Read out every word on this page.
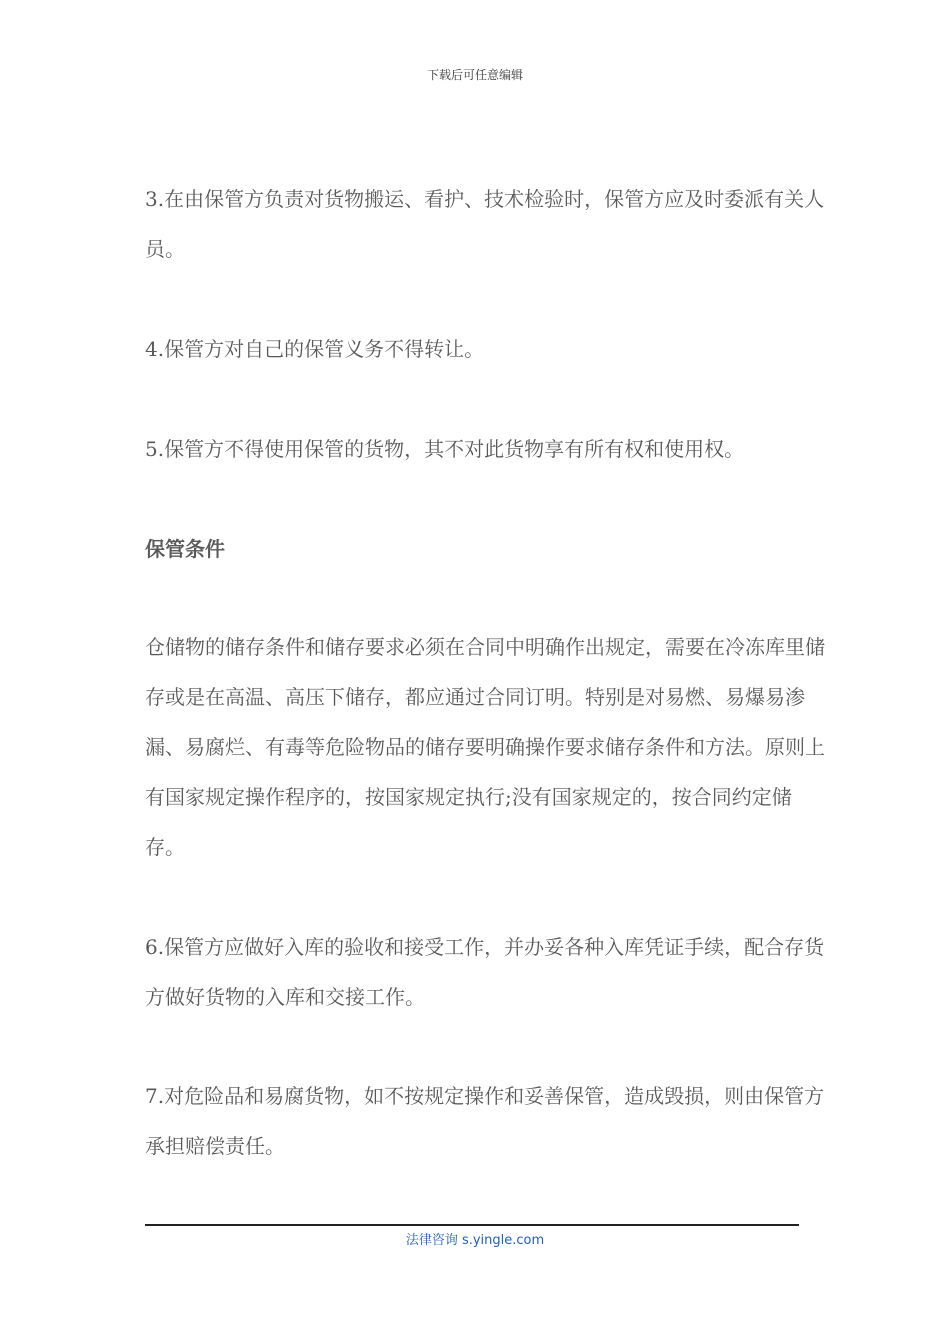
下载后可任意编辑

3.在由保管方负责对货物搬运、看护、技术检验时，保管方应及时委派有关人员。

4.保管方对自己的保管义务不得转让。

5.保管方不得使用保管的货物，其不对此货物享有所有权和使用权。

保管条件

仓储物的储存条件和储存要求必须在合同中明确作出规定，需要在冷冻库里储存或是在高温、高压下储存，都应通过合同订明。特别是对易燃、易爆易渗漏、易腐烂、有毒等危险物品的储存要明确操作要求储存条件和方法。原则上有国家规定操作程序的，按国家规定执行;没有国家规定的，按合同约定储存。

6.保管方应做好入库的验收和接受工作，并办妥各种入库凭证手续，配合存货方做好货物的入库和交接工作。

7.对危险品和易腐货物，如不按规定操作和妥善保管，造成毁损，则由保管方承担赔偿责任。

法律咨询 s.yingle.com
